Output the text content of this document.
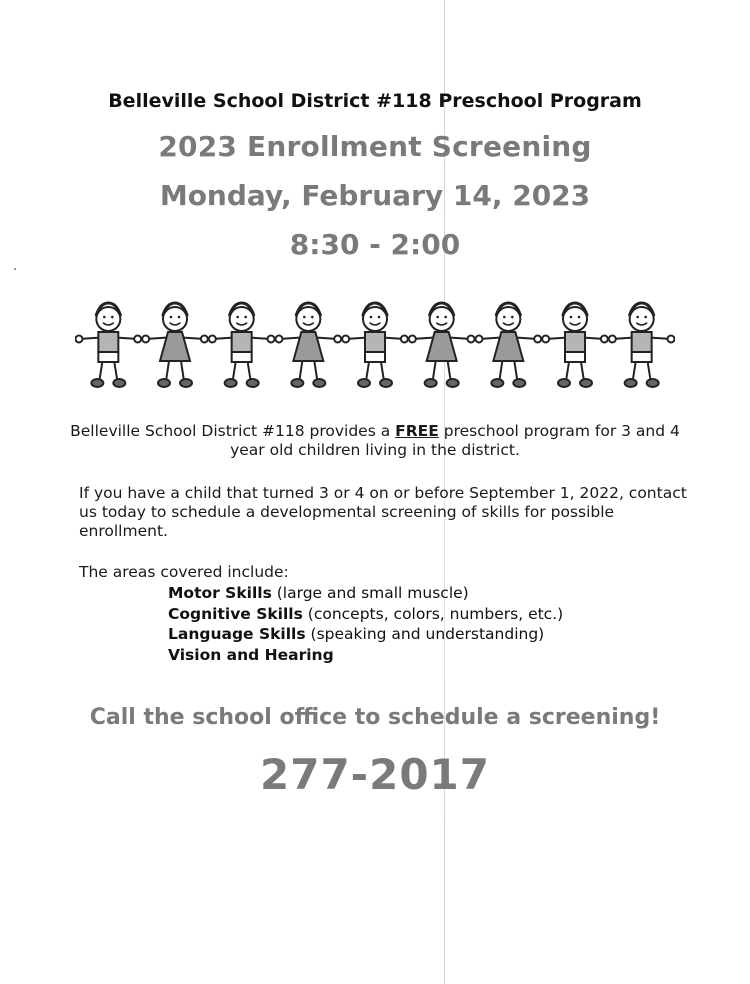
Belleville School District #118 Preschool Program
2023 Enrollment Screening
Monday, February 14, 2023
8:30 - 2:00
Belleville School District #118 provides a FREE preschool program for 3 and 4 year old children living in the district.
If you have a child that turned 3 or 4 on or before September 1, 2022, contact us today to schedule a developmental screening of skills for possible enrollment.
The areas covered include:
Motor Skills (large and small muscle)
Cognitive Skills (concepts, colors, numbers, etc.)
Language Skills (speaking and understanding)
Vision and Hearing
Call the school office to schedule a screening!
277-2017
